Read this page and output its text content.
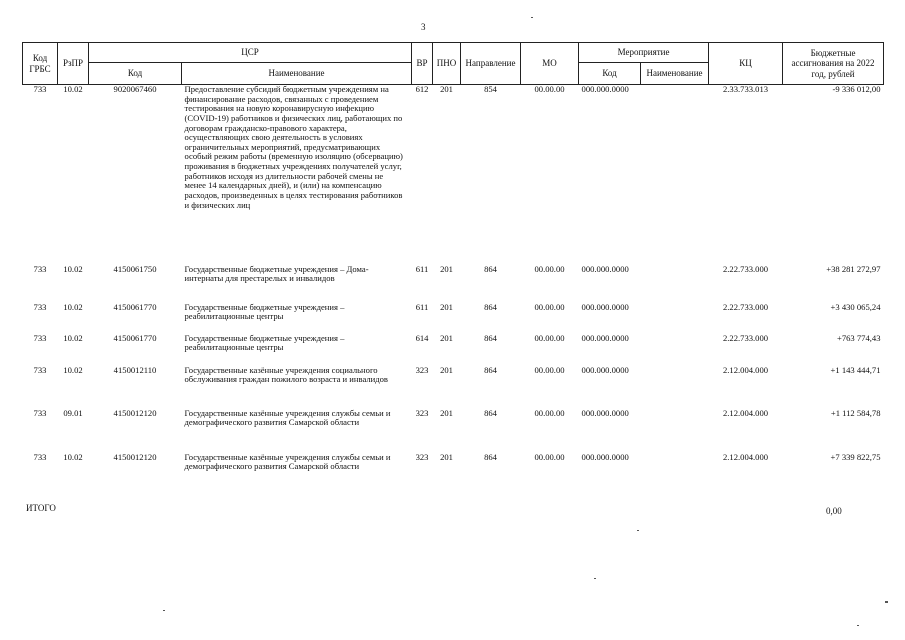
3
Код ГРБС	РзПР	ЦСР		ВР	ПНО	Направление	МО	Мероприятие		КЦ	Бюджетные ассигнования на 2022 год, рублей
		Код	Наименование					Код	Наименование		
733	10.02	9020067460	Предоставление субсидий бюджетным учреждениям на финансирование расходов, связанных с проведением тестирования на новую коронавирусную инфекцию (COVID-19) работников и физических лиц, работающих по договорам гражданско-правового характера, осуществляющих свою деятельность в условиях ограничительных мероприятий, предусматривающих особый режим работы (временную изоляцию (обсервацию) проживания в бюджетных учреждениях получателей услуг, работников исходя из длительности рабочей смены не менее 14 календарных дней), и (или) на компенсацию расходов, произведенных в целях тестирования работников и физических лиц	612	201	854	00.00.00	000.000.0000		2.33.733.013	-9 336 012,00
733	10.02	4150061750	Государственные бюджетные учреждения – Дома-интернаты для престарелых и инвалидов	611	201	864	00.00.00	000.000.0000		2.22.733.000	+38 281 272,97
733	10.02	4150061770	Государственные бюджетные учреждения – реабилитационные центры	611	201	864	00.00.00	000.000.0000		2.22.733.000	+3 430 065,24
733	10.02	4150061770	Государственные бюджетные учреждения – реабилитационные центры	614	201	864	00.00.00	000.000.0000		2.22.733.000	+763 774,43
733	10.02	4150012110	Государственные казённые учреждения социального обслуживания граждан пожилого возраста и инвалидов	323	201	864	00.00.00	000.000.0000		2.12.004.000	+1 143 444,71
733	09.01	4150012120	Государственные казённые учреждения службы семьи и демографического развития Самарской области	323	201	864	00.00.00	000.000.0000		2.12.004.000	+1 112 584,78
733	10.02	4150012120	Государственные казённые учреждения службы семьи и демографического развития Самарской области	323	201	864	00.00.00	000.000.0000		2.12.004.000	+7 339 822,75
ИТОГО	0,00
